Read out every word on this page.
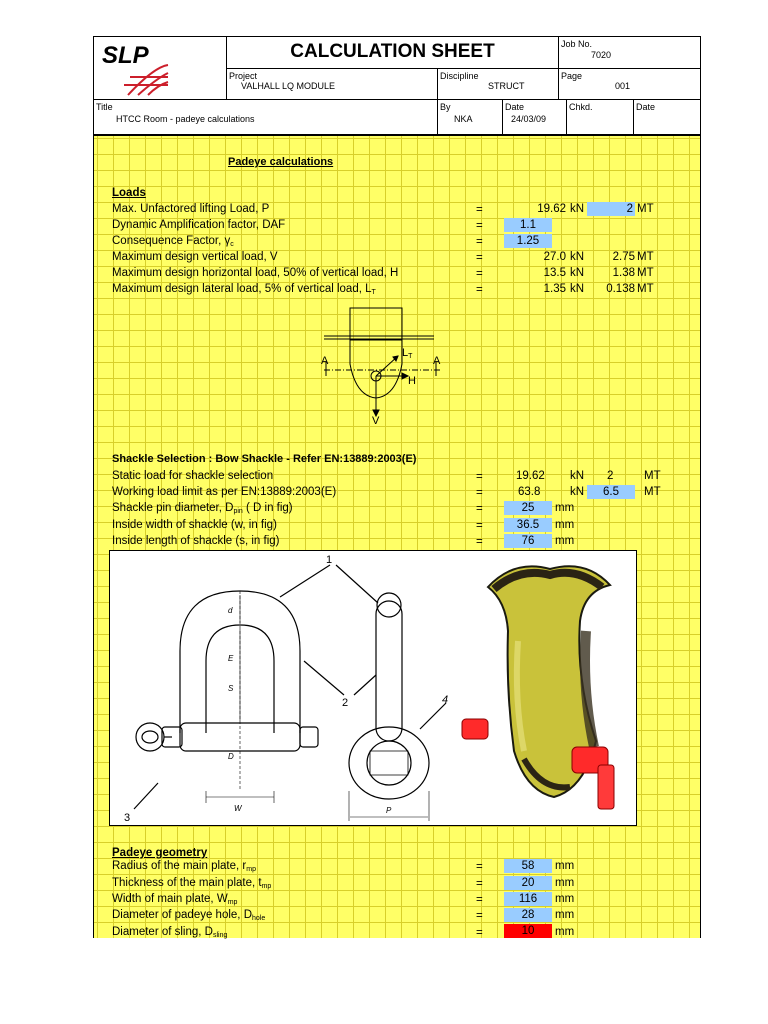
SLP	CALCULATION SHEET	Job No.
7020
Project
VALHALL LQ MODULE
Discipline
STRUCT
Page
001
Title
HTCC Room - padeye calculations
By
NKA
Date
24/03/09
Chkd.	Date
Padeye calculations
Loads
Max. Unfactored lifting Load, P	=	19.62 kN	2 MT
Dynamic Amplification factor, DAF	=	1.1
Consequence Factor, $\gamma_c$	=	1.25
Maximum design vertical load, V	=	27.0 kN	2.75 MT
Maximum design horizontal load, 50% of vertical load, H	=	13.5 kN	1.38 MT
Maximum design lateral load, 5% of vertical load, $L_T$	=	1.35 kN	0.138 MT
A	A
LT
H
V
Shackle Selection : Bow Shackle - Refer EN:13889:2003(E)
Static load for shackle selection	=	19.62 kN 2	MT
Working load limit as per EN:13889:2003(E)	=	63.8	kN	6.5	MT
Shackle pin diameter, $D_{pin}$ ( D in fig)	=	25	mm
Inside width of shackle (w, in fig)	=	36.5	mm
Inside length of shackle (s, in fig)	=	76	mm
1
2
3
4
d
E
S
D
W	P
Padeye geometry
Radius of the main plate, $r_{mp}$	=	58	mm
Thickness of the main plate, $t_{mp}$	=	20	mm
Width of main plate, $W_{mp}$	=	116	mm
Diameter of padeye hole, $D_{hole}$	=	28	mm
Diameter of sling, $D_{sling}$	=	10	mm
